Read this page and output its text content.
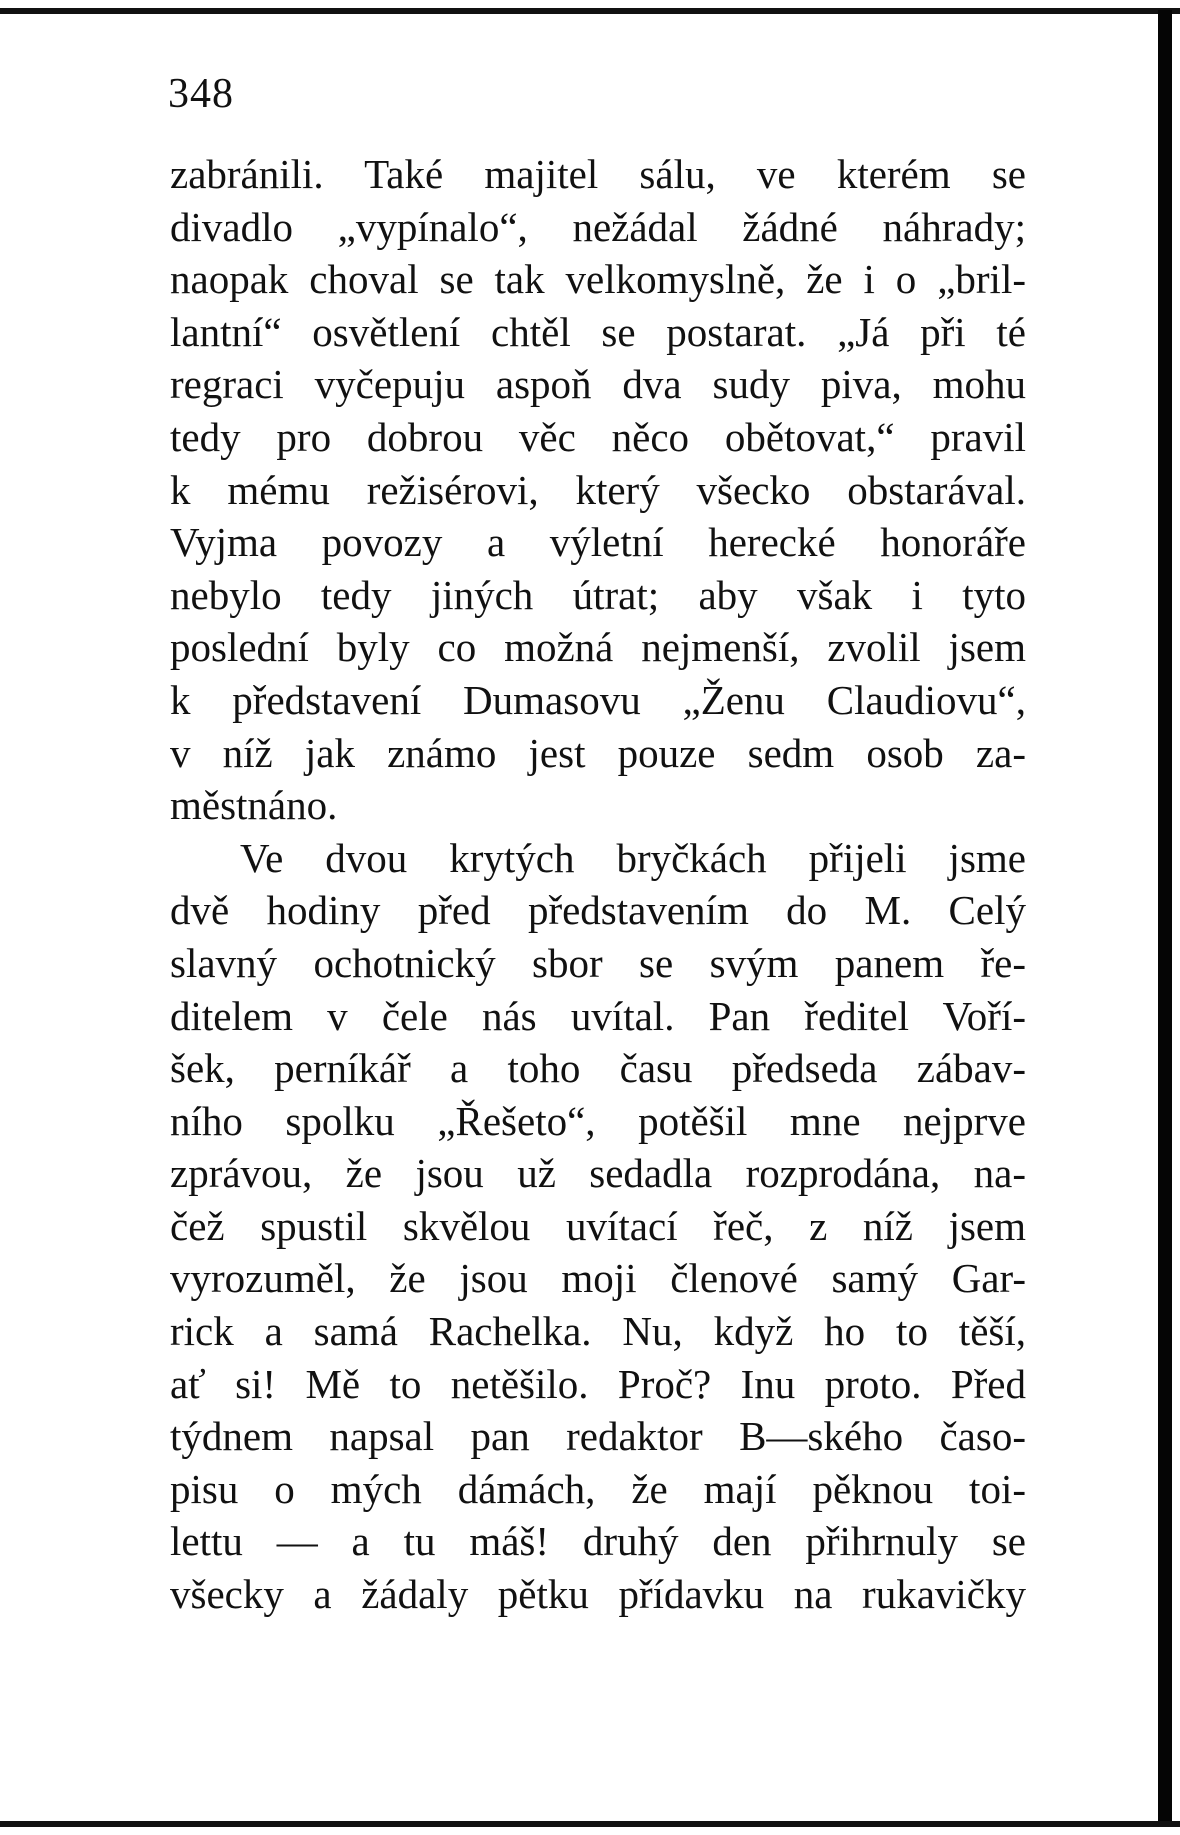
348
zabránili. Také majitel sálu, ve kterém se
divadlo „vypínalo“, nežádal žádné náhrady;
naopak choval se tak velkomyslně, že i o „bril-
lantní“ osvětlení chtěl se postarat. „Já při té
regraci vyčepuju aspoň dva sudy piva, mohu
tedy pro dobrou věc něco obětovat,“ pravil
k mému režisérovi, který všecko obstarával.
Vyjma povozy a výletní herecké honoráře
nebylo tedy jiných útrat; aby však i tyto
poslední byly co možná nejmenší, zvolil jsem
k představení Dumasovu „Ženu Claudiovu“,
v níž jak známo jest pouze sedm osob za-
městnáno.
Ve dvou krytých bryčkách přijeli jsme
dvě hodiny před představením do M. Celý
slavný ochotnický sbor se svým panem ře-
ditelem v čele nás uvítal. Pan ředitel Voří-
šek, perníkář a toho času předseda zábav-
ního spolku „Řešeto“, potěšil mne nejprve
zprávou, že jsou už sedadla rozprodána, na-
čež spustil skvělou uvítací řeč, z níž jsem
vyrozuměl, že jsou moji členové samý Gar-
rick a samá Rachelka. Nu, když ho to těší,
ať si! Mě to netěšilo. Proč? Inu proto. Před
týdnem napsal pan redaktor B—ského časo-
pisu o mých dámách, že mají pěknou toi-
lettu — a tu máš! druhý den přihrnuly se
všecky a žádaly pětku přídavku na rukavičky
